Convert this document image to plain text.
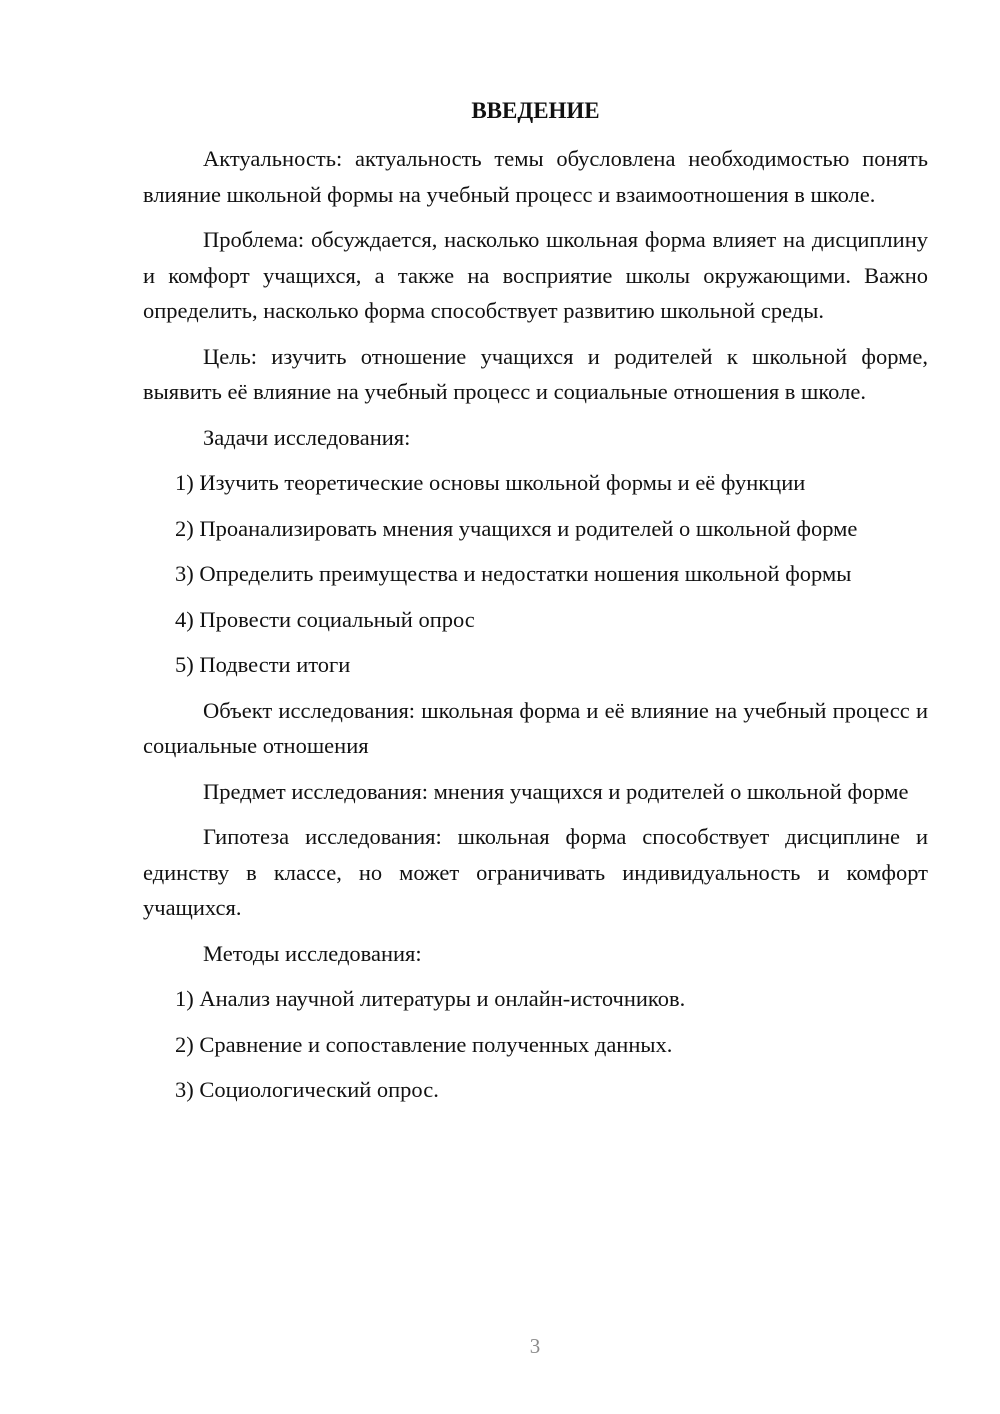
ВВЕДЕНИЕ

Актуальность: актуальность темы обусловлена необходимостью понять влияние школьной формы на учебный процесс и взаимоотношения в школе.

Проблема: обсуждается, насколько школьная форма влияет на дисциплину и комфорт учащихся, а также на восприятие школы окружающими. Важно определить, насколько форма способствует развитию школьной среды.

Цель: изучить отношение учащихся и родителей к школьной форме, выявить её влияние на учебный процесс и социальные отношения в школе.

Задачи исследования:

1) Изучить теоретические основы школьной формы и её функции

2) Проанализировать мнения учащихся и родителей о школьной форме

3) Определить преимущества и недостатки ношения школьной формы

4) Провести социальный опрос

5) Подвести итоги

Объект исследования: школьная форма и её влияние на учебный процесс и социальные отношения

Предмет исследования: мнения учащихся и родителей о школьной форме

Гипотеза исследования: школьная форма способствует дисциплине и единству в классе, но может ограничивать индивидуальность и комфорт учащихся.

Методы исследования:

1) Анализ научной литературы и онлайн-источников.

2) Сравнение и сопоставление полученных данных.

3) Социологический опрос.

3
